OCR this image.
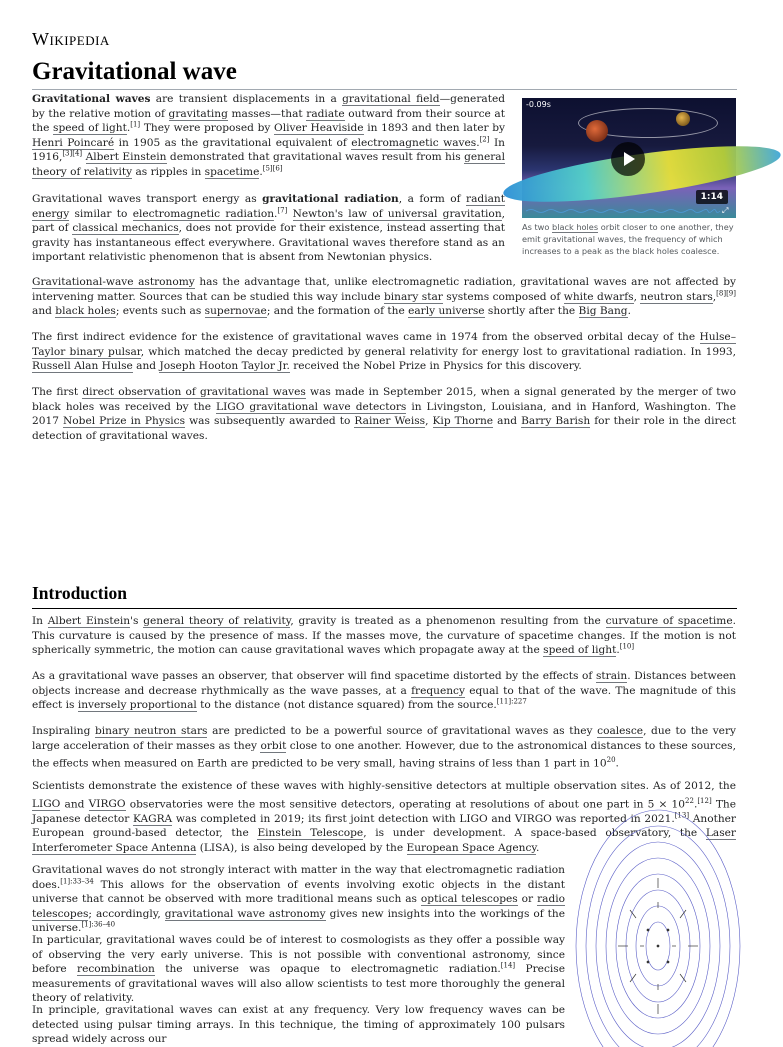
Wikipedia
Gravitational wave

Gravitational waves are transient displacements in a gravitational field—generated by the relative motion of gravitating masses—that radiate outward from their source at the speed of light.[1] They were proposed by Oliver Heaviside in 1893 and then later by Henri Poincaré in 1905 as the gravitational equivalent of electromagnetic waves.[2] In 1916,[3][4] Albert Einstein demonstrated that gravitational waves result from his general theory of relativity as ripples in spacetime.[5][6]

Gravitational waves transport energy as gravitational radiation, a form of radiant energy similar to electromagnetic radiation.[7] Newton's law of universal gravitation, part of classical mechanics, does not provide for their existence, instead asserting that gravity has instantaneous effect everywhere. Gravitational waves therefore stand as an important relativistic phenomenon that is absent from Newtonian physics.

-0.09s
1:14
⤢
As two black holes orbit closer to one another, they emit gravitational waves, the frequency of which increases to a peak as the black holes coalesce.

Gravitational-wave astronomy has the advantage that, unlike electromagnetic radiation, gravitational waves are not affected by intervening matter. Sources that can be studied this way include binary star systems composed of white dwarfs, neutron stars,[8][9] and black holes; events such as supernovae; and the formation of the early universe shortly after the Big Bang.

The first indirect evidence for the existence of gravitational waves came in 1974 from the observed orbital decay of the Hulse–Taylor binary pulsar, which matched the decay predicted by general relativity for energy lost to gravitational radiation. In 1993, Russell Alan Hulse and Joseph Hooton Taylor Jr. received the Nobel Prize in Physics for this discovery.

The first direct observation of gravitational waves was made in September 2015, when a signal generated by the merger of two black holes was received by the LIGO gravitational wave detectors in Livingston, Louisiana, and in Hanford, Washington. The 2017 Nobel Prize in Physics was subsequently awarded to Rainer Weiss, Kip Thorne and Barry Barish for their role in the direct detection of gravitational waves.

Introduction

In Albert Einstein's general theory of relativity, gravity is treated as a phenomenon resulting from the curvature of spacetime. This curvature is caused by the presence of mass. If the masses move, the curvature of spacetime changes. If the motion is not spherically symmetric, the motion can cause gravitational waves which propagate away at the speed of light.[10]

As a gravitational wave passes an observer, that observer will find spacetime distorted by the effects of strain. Distances between objects increase and decrease rhythmically as the wave passes, at a frequency equal to that of the wave. The magnitude of this effect is inversely proportional to the distance (not distance squared) from the source.$^{[11]:227}$

Inspiraling binary neutron stars are predicted to be a powerful source of gravitational waves as they coalesce, due to the very large acceleration of their masses as they orbit close to one another. However, due to the astronomical distances to these sources, the effects when measured on Earth are predicted to be very small, having strains of less than 1 part in $10^{20}$.

Scientists demonstrate the existence of these waves with highly-sensitive detectors at multiple observation sites. As of 2012, the LIGO and VIRGO observatories were the most sensitive detectors, operating at resolutions of about one part in $5 \times 10^{22}.[12]$ The Japanese detector KAGRA was completed in 2019; its first joint detection with LIGO and VIRGO was reported in 2021.[13] Another European ground-based detector, the Einstein Telescope, is under development. A space-based observatory, the Laser Interferometer Space Antenna (LISA), is also being developed by the European Space Agency.

Gravitational waves do not strongly interact with matter in the way that electromagnetic radiation does.$^{[1]:33-34}$ This allows for the observation of events involving exotic objects in the distant universe that cannot be observed with more traditional means such as optical telescopes or radio telescopes; accordingly, gravitational wave astronomy gives new insights into the workings of the universe.$^{[1]:36-40}$

In particular, gravitational waves could be of interest to cosmologists as they offer a possible way of observing the very early universe. This is not possible with conventional astronomy, since before recombination the universe was opaque to electromagnetic radiation.[14] Precise measurements of gravitational waves will also allow scientists to test more thoroughly the general theory of relativity.

In principle, gravitational waves can exist at any frequency. Very low frequency waves can be detected using pulsar timing arrays. In this technique, the timing of approximately 100 pulsars spread widely across our
